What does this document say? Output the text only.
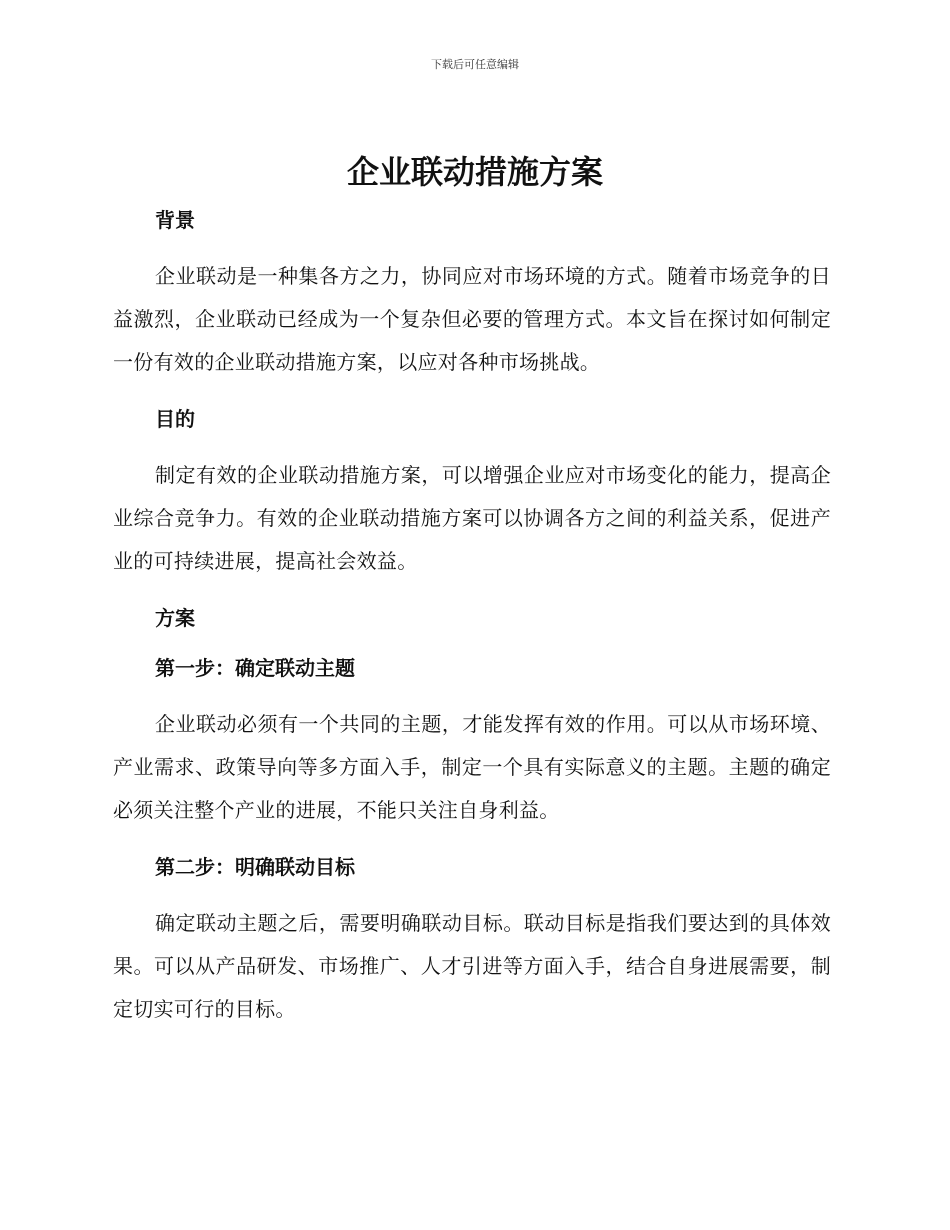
下载后可任意编辑
企业联动措施方案
背景

企业联动是一种集各方之力，协同应对市场环境的方式。随着市场竞争的日益激烈，企业联动已经成为一个复杂但必要的管理方式。本文旨在探讨如何制定一份有效的企业联动措施方案，以应对各种市场挑战。

目的

制定有效的企业联动措施方案，可以增强企业应对市场变化的能力，提高企业综合竞争力。有效的企业联动措施方案可以协调各方之间的利益关系，促进产业的可持续进展，提高社会效益。

方案
第一步：确定联动主题

企业联动必须有一个共同的主题，才能发挥有效的作用。可以从市场环境、产业需求、政策导向等多方面入手，制定一个具有实际意义的主题。主题的确定必须关注整个产业的进展，不能只关注自身利益。

第二步：明确联动目标

确定联动主题之后，需要明确联动目标。联动目标是指我们要达到的具体效果。可以从产品研发、市场推广、人才引进等方面入手，结合自身进展需要，制定切实可行的目标。
